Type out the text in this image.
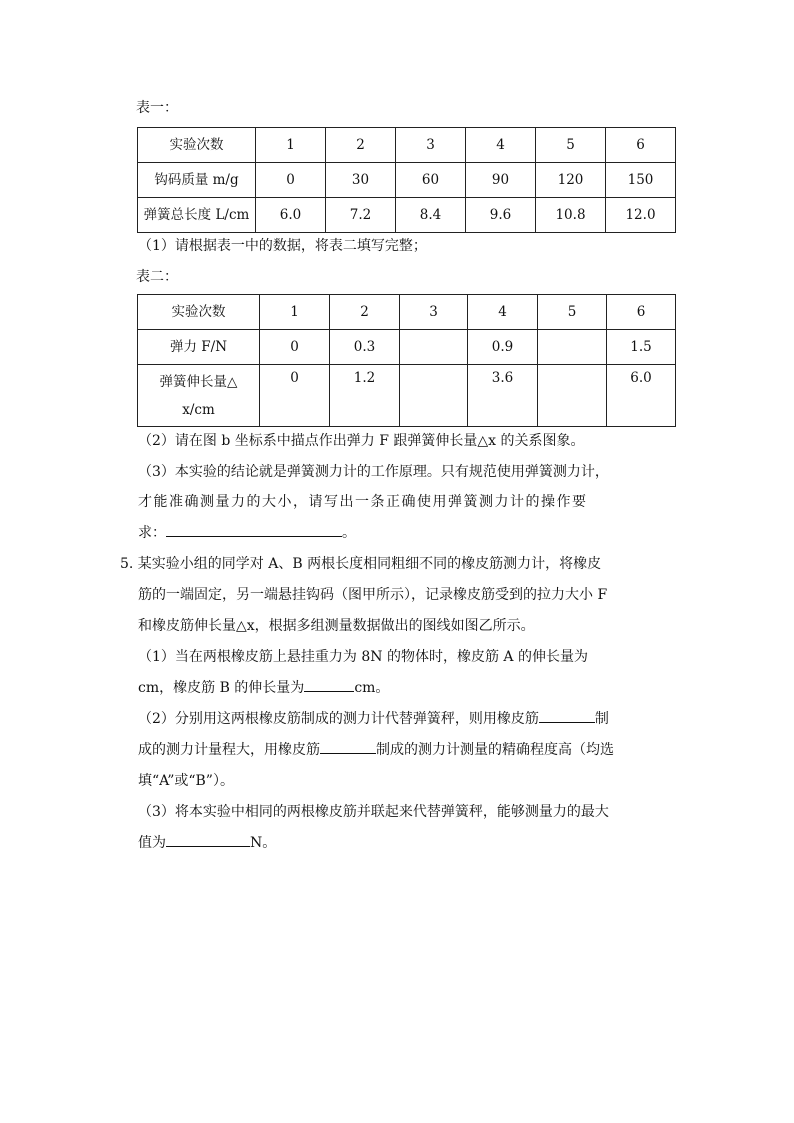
表一：
实验次数	1	2	3	4	5	6
钩码质量 m/g	0	30	60	90	120	150
弹簧总长度 L/cm	6.0	7.2	8.4	9.6	10.8	12.0
（1）请根据表一中的数据，将表二填写完整；
表二：
实验次数	1	2	3	4	5	6
弹力 F/N	0	0.3		0.9		1.5
弹簧伸长量△
x/cm	0	1.2		3.6		6.0
（2）请在图 b 坐标系中描点作出弹力 F 跟弹簧伸长量△x 的关系图象。
（3）本实验的结论就是弹簧测力计的工作原理。只有规范使用弹簧测力计，
才能准确测量力的大小，请写出一条正确使用弹簧测力计的操作要
求：	。
5. 某实验小组的同学对 A、B 两根长度相同粗细不同的橡皮筋测力计，将橡皮
筋的一端固定，另一端悬挂钩码（图甲所示），记录橡皮筋受到的拉力大小 F
和橡皮筋伸长量△x，根据多组测量数据做出的图线如图乙所示。
（1）当在两根橡皮筋上悬挂重力为 8N 的物体时，橡皮筋 A 的伸长量为
cm，橡皮筋 B 的伸长量为	cm。
（2）分别用这两根橡皮筋制成的测力计代替弹簧秤，则用橡皮筋	制
成的测力计量程大，用橡皮筋	制成的测力计测量的精确程度高（均选
填“A”或“B”）。
（3）将本实验中相同的两根橡皮筋并联起来代替弹簧秤，能够测量力的最大
值为	N。
